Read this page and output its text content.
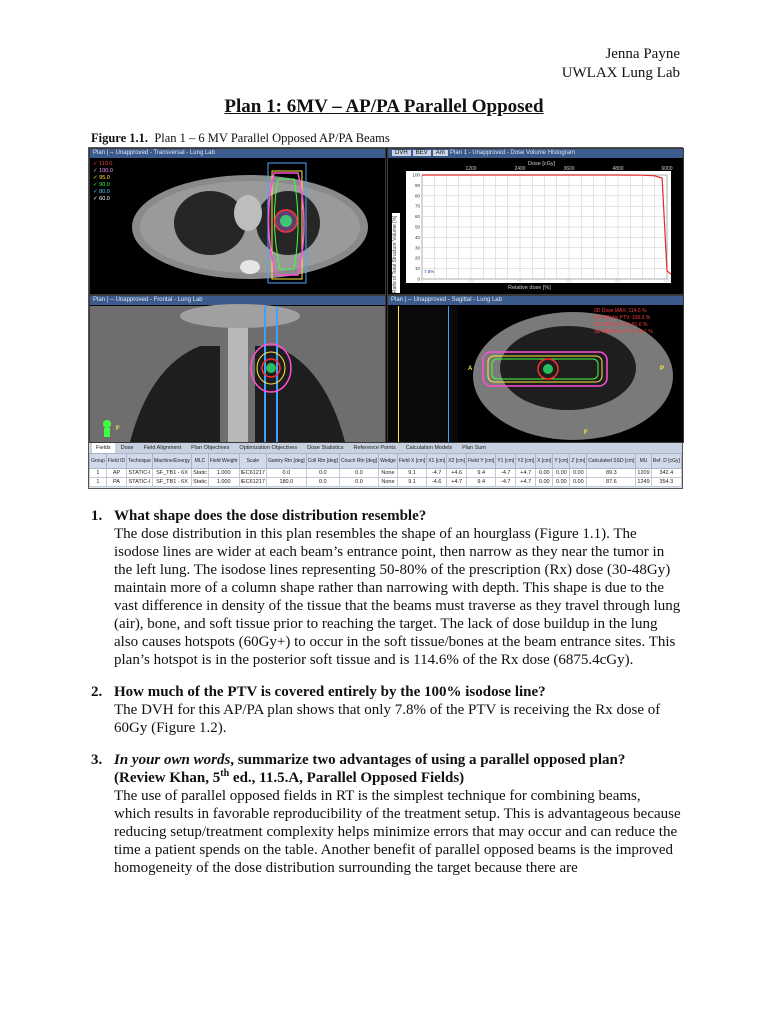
Jenna Payne
UWLAX Lung Lab
Plan 1: 6MV – AP/PA Parallel Opposed
Figure 1.1. Plan 1 – 6 MV Parallel Opposed AP/PA Beams
Plan | -- Unapproved - Transversal - Lung Lab
✓ 110.0
✓ 100.0
✓ 95.0
✓ 90.0
✓ 80.0
✓ 60.0
Plan 1 - Unapproved - Dose Volume Histogram
DVH BEV Am
100
90
80
70
60
50
40
30
20
10
0
7.8%
Ratio of Total Structure Volume [%]	Relative dose [%]
Dose [cGy]
0	20	40	60	80	100
1200	2400	3600	4800	6000
Plan | -- Unapproved - Frontal - Lung Lab
F
Plan | -- Unapproved - Sagittal - Lung Lab
3D Dose MAX: 114.6 %
3D MIN for PTV: 100.3 %
3D MIN for PTV: 81.6 %
3D MEAN for PTV: 99.1 %
A	P
F
Fields Dose Field Alignment Plan Objectives Optimization Objectives Dose Statistics Reference Points Calculation Models Plan Sum
Group	Field ID	Technique	Machine/Energy	MLC	Field Weight	Scale	Gantry Rtn [deg]	Coll Rtn [deg]	Couch Rtn [deg]	Wedge	Field X [cm]	X1 [cm]	X2 [cm]	Field Y [cm]	Y1 [cm]	Y2 [cm]	X [cm]	Y [cm]	Z [cm]	Calculated SSD [cm]	MU	Ref. D [cGy]
1	AP	STATIC-I	SF_TB1 - 6X	Static	1.000	IEC61217	0.0	0.0	0.0	None	9.1	-4.7	+4.6	9.4	-4.7	+4.7	0.00	0.00	0.00	89.3	1209	342.4
1	PA	STATIC-I	SF_TB1 - 6X	Static	1.000	IEC61217	180.0	0.0	0.0	None	9.1	-4.6	+4.7	9.4	-4.7	+4.7	0.00	0.00	0.00	87.6	1249	354.3
1. What shape does the dose distribution resemble?
The dose distribution in this plan resembles the shape of an hourglass (Figure 1.1). The isodose lines are wider at each beam’s entrance point, then narrow as they near the tumor in the left lung. The isodose lines representing 50-80% of the prescription (Rx) dose (30-48Gy) maintain more of a column shape rather than narrowing with depth. This shape is due to the vast difference in density of the tissue that the beams must traverse as they travel through lung (air), bone, and soft tissue prior to reaching the target. The lack of dose buildup in the lung also causes hotspots (60Gy+) to occur in the soft tissue/bones at the beam entrance sites. This plan’s hotspot is in the posterior soft tissue and is 114.6% of the Rx dose (6875.4cGy).
2. How much of the PTV is covered entirely by the 100% isodose line?
The DVH for this AP/PA plan shows that only 7.8% of the PTV is receiving the Rx dose of 60Gy (Figure 1.2).
3. In your own words, summarize two advantages of using a parallel opposed plan?
(Review Khan, 5th ed., 11.5.A, Parallel Opposed Fields)
The use of parallel opposed fields in RT is the simplest technique for combining beams, which results in favorable reproducibility of the treatment setup. This is advantageous because reducing setup/treatment complexity helps minimize errors that may occur and can reduce the time a patient spends on the table. Another benefit of parallel opposed beams is the improved homogeneity of the dose distribution surrounding the target because there are
